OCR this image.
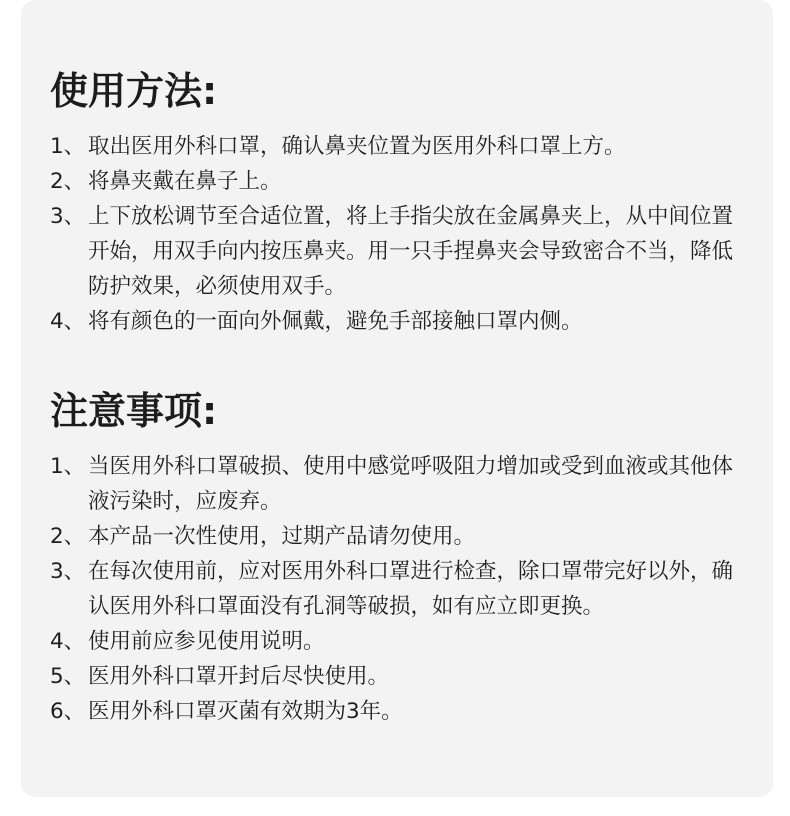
使用方法:
1、 取出医用外科口罩，确认鼻夹位置为医用外科口罩上方。
2、 将鼻夹戴在鼻子上。
3、 上下放松调节至合适位置，将上手指尖放在金属鼻夹上，从中间位置开始，用双手向内按压鼻夹。用一只手捏鼻夹会导致密合不当，降低防护效果，必须使用双手。
4、 将有颜色的一面向外佩戴，避免手部接触口罩内侧。
注意事项:
1、 当医用外科口罩破损、使用中感觉呼吸阻力增加或受到血液或其他体液污染时，应废弃。
2、 本产品一次性使用，过期产品请勿使用。
3、 在每次使用前，应对医用外科口罩进行检查，除口罩带完好以外，确认医用外科口罩面没有孔洞等破损，如有应立即更换。
4、 使用前应参见使用说明。
5、 医用外科口罩开封后尽快使用。
6、 医用外科口罩灭菌有效期为3年。
